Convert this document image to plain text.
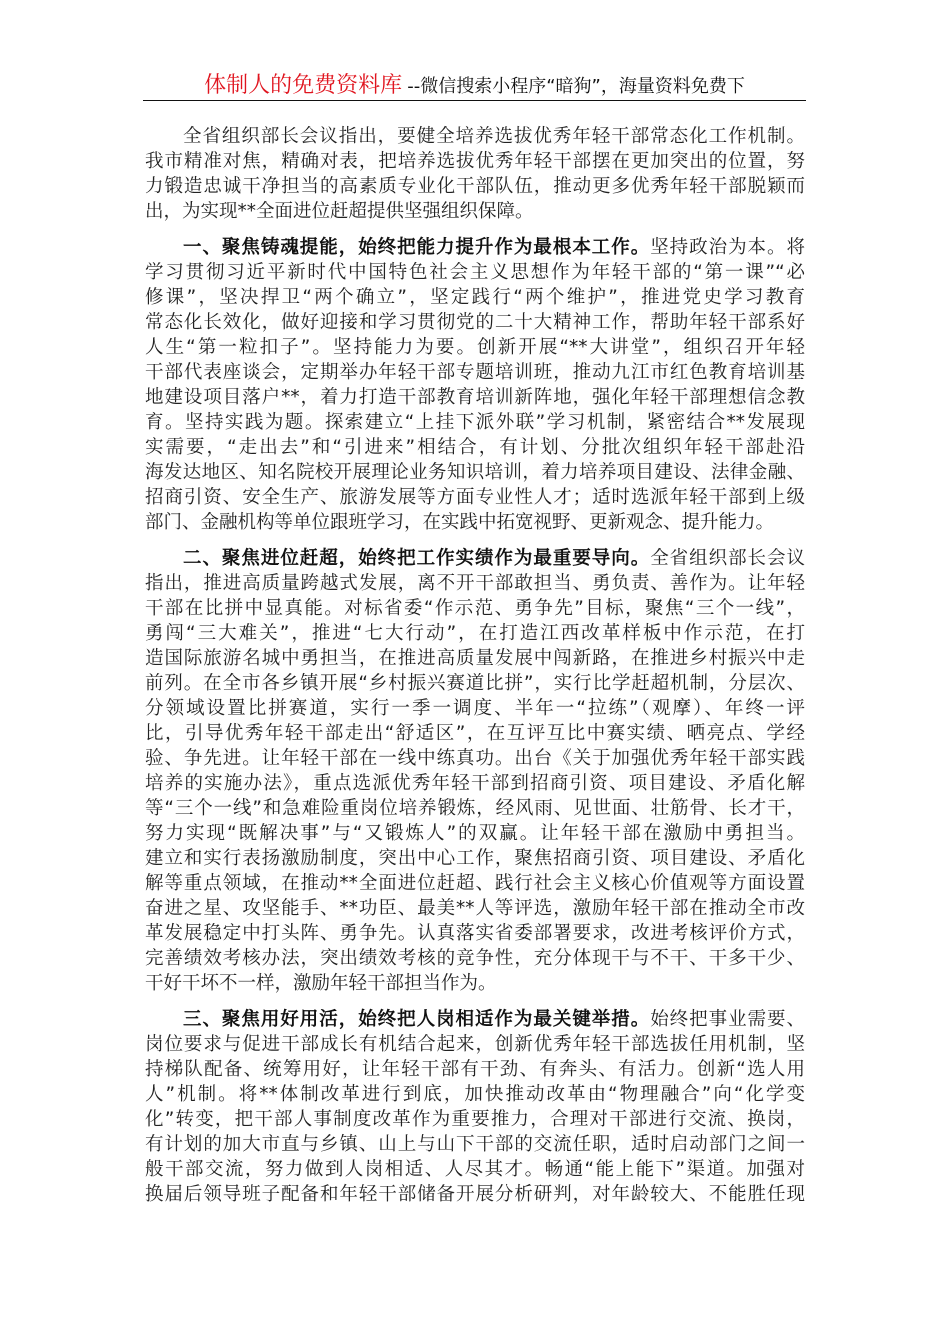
体制人的免费资料库 --微信搜索小程序“暗狗”，海量资料免费下
全省组织部长会议指出，要健全培养选拔优秀年轻干部常态化工作机制。
我市精准对焦，精确对表，把培养选拔优秀年轻干部摆在更加突出的位置，努
力锻造忠诚干净担当的高素质专业化干部队伍，推动更多优秀年轻干部脱颖而
出，为实现**全面进位赶超提供坚强组织保障。
一、聚焦铸魂提能，始终把能力提升作为最根本工作。坚持政治为本。将
学习贯彻习近平新时代中国特色社会主义思想作为年轻干部的“第一课”“必
修课”，坚决捍卫“两个确立”，坚定践行“两个维护”，推进党史学习教育
常态化长效化，做好迎接和学习贯彻党的二十大精神工作，帮助年轻干部系好
人生“第一粒扣子”。坚持能力为要。创新开展“**大讲堂”，组织召开年轻
干部代表座谈会，定期举办年轻干部专题培训班，推动九江市红色教育培训基
地建设项目落户**，着力打造干部教育培训新阵地，强化年轻干部理想信念教
育。坚持实践为题。探索建立“上挂下派外联”学习机制，紧密结合**发展现
实需要，“走出去”和“引进来”相结合，有计划、分批次组织年轻干部赴沿
海发达地区、知名院校开展理论业务知识培训，着力培养项目建设、法律金融、
招商引资、安全生产、旅游发展等方面专业性人才；适时选派年轻干部到上级
部门、金融机构等单位跟班学习，在实践中拓宽视野、更新观念、提升能力。
二、聚焦进位赶超，始终把工作实绩作为最重要导向。全省组织部长会议
指出，推进高质量跨越式发展，离不开干部敢担当、勇负责、善作为。让年轻
干部在比拼中显真能。对标省委“作示范、勇争先”目标，聚焦“三个一线”，
勇闯“三大难关”，推进“七大行动”，在打造江西改革样板中作示范，在打
造国际旅游名城中勇担当，在推进高质量发展中闯新路，在推进乡村振兴中走
前列。在全市各乡镇开展“乡村振兴赛道比拼”，实行比学赶超机制，分层次、
分领域设置比拼赛道，实行一季一调度、半年一“拉练”（观摩）、年终一评
比，引导优秀年轻干部走出“舒适区”，在互评互比中赛实绩、晒亮点、学经
验、争先进。让年轻干部在一线中练真功。出台《关于加强优秀年轻干部实践
培养的实施办法》，重点选派优秀年轻干部到招商引资、项目建设、矛盾化解
等“三个一线”和急难险重岗位培养锻炼，经风雨、见世面、壮筋骨、长才干，
努力实现“既解决事”与“又锻炼人”的双赢。让年轻干部在激励中勇担当。
建立和实行表扬激励制度，突出中心工作，聚焦招商引资、项目建设、矛盾化
解等重点领域，在推动**全面进位赶超、践行社会主义核心价值观等方面设置
奋进之星、攻坚能手、**功臣、最美**人等评选，激励年轻干部在推动全市改
革发展稳定中打头阵、勇争先。认真落实省委部署要求，改进考核评价方式，
完善绩效考核办法，突出绩效考核的竞争性，充分体现干与不干、干多干少、
干好干坏不一样，激励年轻干部担当作为。
三、聚焦用好用活，始终把人岗相适作为最关键举措。始终把事业需要、
岗位要求与促进干部成长有机结合起来，创新优秀年轻干部选拔任用机制，坚
持梯队配备、统筹用好，让年轻干部有干劲、有奔头、有活力。创新“选人用
人”机制。将**体制改革进行到底，加快推动改革由“物理融合”向“化学变
化”转变，把干部人事制度改革作为重要推力，合理对干部进行交流、换岗，
有计划的加大市直与乡镇、山上与山下干部的交流任职，适时启动部门之间一
般干部交流，努力做到人岗相适、人尽其才。畅通“能上能下”渠道。加强对
换届后领导班子配备和年轻干部储备开展分析研判，对年龄较大、不能胜任现
